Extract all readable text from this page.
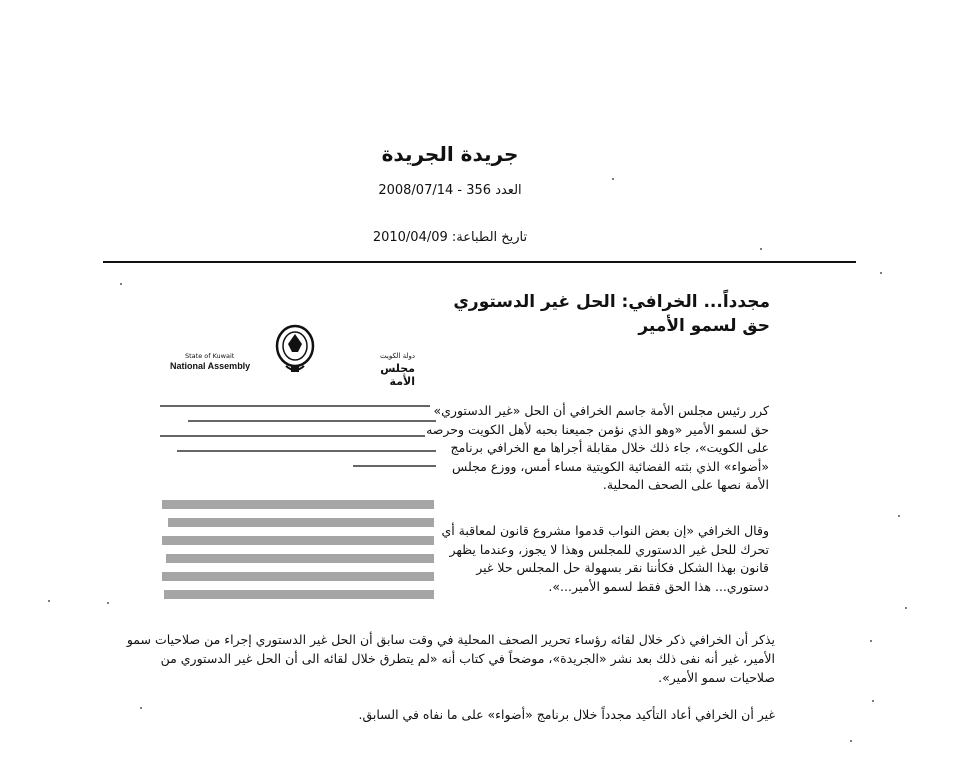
جريدة الجريدة
العدد 356 - 2008/07/14
تاريخ الطباعة: 2010/04/09
مجدداً... الخرافي: الحل غير الدستوري حق لسمو الأمير
دولة الكويت
مجلس الأمة
State of Kuwait
National Assembly
كرر رئيس مجلس الأمة جاسم الخرافي أن الحل «غير الدستوري» حق لسمو الأمير «وهو الذي نؤمن جميعنا بحبه لأهل الكويت وحرصه على الكويت»، جاء ذلك خلال مقابلة أجراها مع الخرافي برنامج «أضواء» الذي بثته الفضائية الكويتية مساء أمس، ووزع مجلس الأمة نصها على الصحف المحلية.
وقال الخرافي «إن بعض النواب قدموا مشروع قانون لمعاقبة أي تحرك للحل غير الدستوري للمجلس وهذا لا يجوز، وعندما يظهر قانون بهذا الشكل فكأننا نقر بسهولة حل المجلس حلا غير دستوري... هذا الحق فقط لسمو الأمير...».
يذكر أن الخرافي ذكر خلال لقائه رؤساء تحرير الصحف المحلية في وقت سابق أن الحل غير الدستوري إجراء من صلاحيات سمو الأمير، غير أنه نفى ذلك بعد نشر «الجريدة»، موضحاً في كتاب أنه «لم يتطرق خلال لقائه الى أن الحل غير الدستوري من صلاحيات سمو الأمير».
غير أن الخرافي أعاد التأكيد مجدداً خلال برنامج «أضواء» على ما نفاه في السابق.
